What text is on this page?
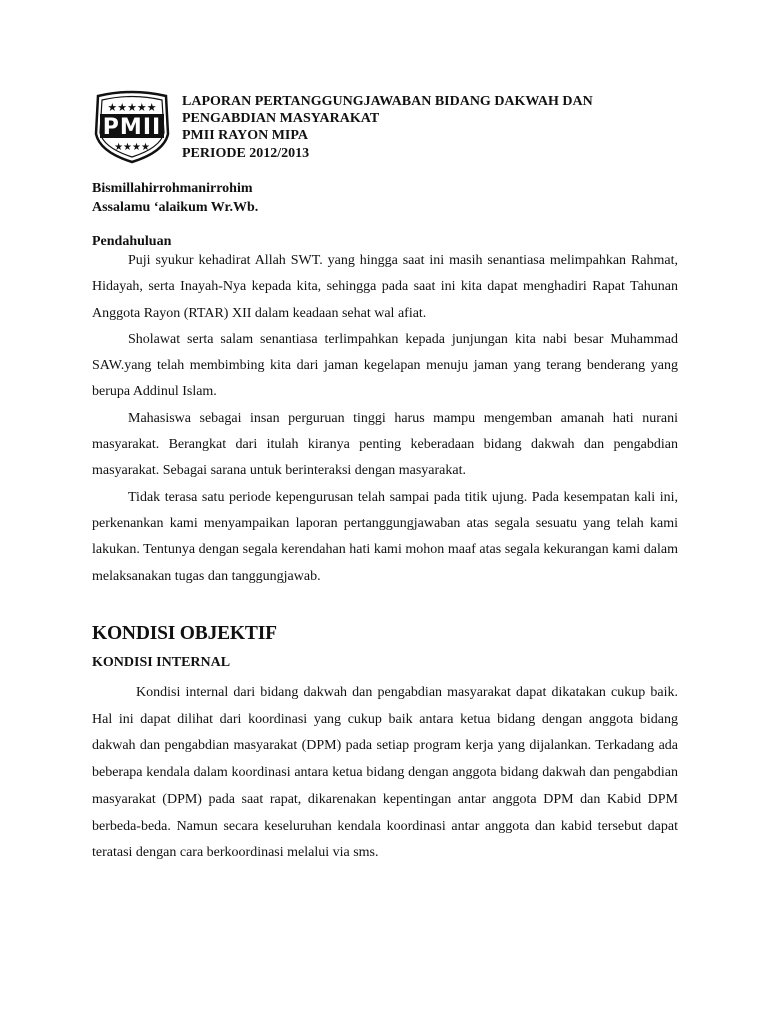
★★★★★
PMII
★★★★
LAPORAN PERTANGGUNGJAWABAN BIDANG DAKWAH DAN
PENGABDIAN MASYARAKAT
PMII RAYON MIPA
PERIODE 2012/2013
Bismillahirrohmanirrohim
Assalamu ‘alaikum Wr.Wb.
Pendahuluan

Puji syukur kehadirat Allah SWT. yang hingga saat ini masih senantiasa melimpahkan Rahmat, Hidayah, serta Inayah-Nya kepada kita, sehingga pada saat ini kita dapat menghadiri Rapat Tahunan Anggota Rayon (RTAR) XII dalam keadaan sehat wal afiat.

Sholawat serta salam senantiasa terlimpahkan kepada junjungan kita nabi besar Muhammad SAW.yang telah membimbing kita dari jaman kegelapan menuju jaman yang terang benderang yang berupa Addinul Islam.

Mahasiswa sebagai insan perguruan tinggi harus mampu mengemban amanah hati nurani masyarakat. Berangkat dari itulah kiranya penting keberadaan bidang dakwah dan pengabdian masyarakat. Sebagai sarana untuk berinteraksi dengan masyarakat.

Tidak terasa satu periode kepengurusan telah sampai pada titik ujung. Pada kesempatan kali ini, perkenankan kami menyampaikan laporan pertanggungjawaban atas segala sesuatu yang telah kami lakukan. Tentunya dengan segala kerendahan hati kami mohon maaf atas segala kekurangan kami dalam melaksanakan tugas dan tanggungjawab.

KONDISI OBJEKTIF
KONDISI INTERNAL

Kondisi internal dari bidang dakwah dan pengabdian masyarakat dapat dikatakan cukup baik. Hal ini dapat dilihat dari koordinasi yang cukup baik antara ketua bidang dengan anggota bidang dakwah dan pengabdian masyarakat (DPM) pada setiap program kerja yang dijalankan. Terkadang ada beberapa kendala dalam koordinasi antara ketua bidang dengan anggota bidang dakwah dan pengabdian masyarakat (DPM) pada saat rapat, dikarenakan kepentingan antar anggota DPM dan Kabid DPM berbeda-beda. Namun secara keseluruhan kendala koordinasi antar anggota dan kabid tersebut dapat teratasi dengan cara berkoordinasi melalui via sms.
